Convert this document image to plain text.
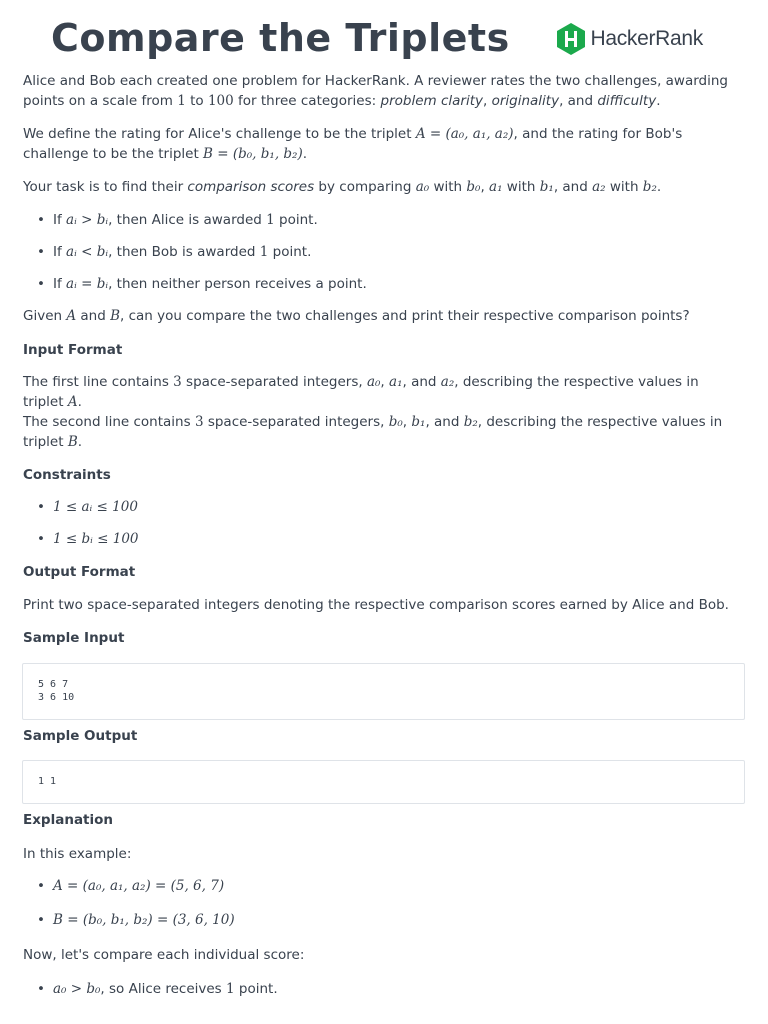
Compare the Triplets	HackerRank

Alice and Bob each created one problem for HackerRank. A reviewer rates the two challenges, awarding points on a scale from 1 to 100 for three categories: problem clarity, originality, and difficulty.

We define the rating for Alice's challenge to be the triplet A = (a₀, a₁, a₂), and the rating for Bob's challenge to be the triplet B = (b₀, b₁, b₂).

Your task is to find their comparison scores by comparing a₀ with b₀, a₁ with b₁, and a₂ with b₂.

• If aᵢ > bᵢ, then Alice is awarded 1 point.
• If aᵢ < bᵢ, then Bob is awarded 1 point.
• If aᵢ = bᵢ, then neither person receives a point.

Given A and B, can you compare the two challenges and print their respective comparison points?

Input Format

The first line contains 3 space-separated integers, a₀, a₁, and a₂, describing the respective values in triplet A.

The second line contains 3 space-separated integers, b₀, b₁, and b₂, describing the respective values in triplet B.

Constraints
• 1 ≤ aᵢ ≤ 100
• 1 ≤ bᵢ ≤ 100
Output Format
Print two space-separated integers denoting the respective comparison scores earned by Alice and Bob.
Sample Input
5 6 7
3 6 10
Sample Output
1 1
Explanation
In this example:
• A = (a₀, a₁, a₂) = (5, 6, 7)
• B = (b₀, b₁, b₂) = (3, 6, 10)
Now, let's compare each individual score:
• a₀ > b₀, so Alice receives 1 point.
